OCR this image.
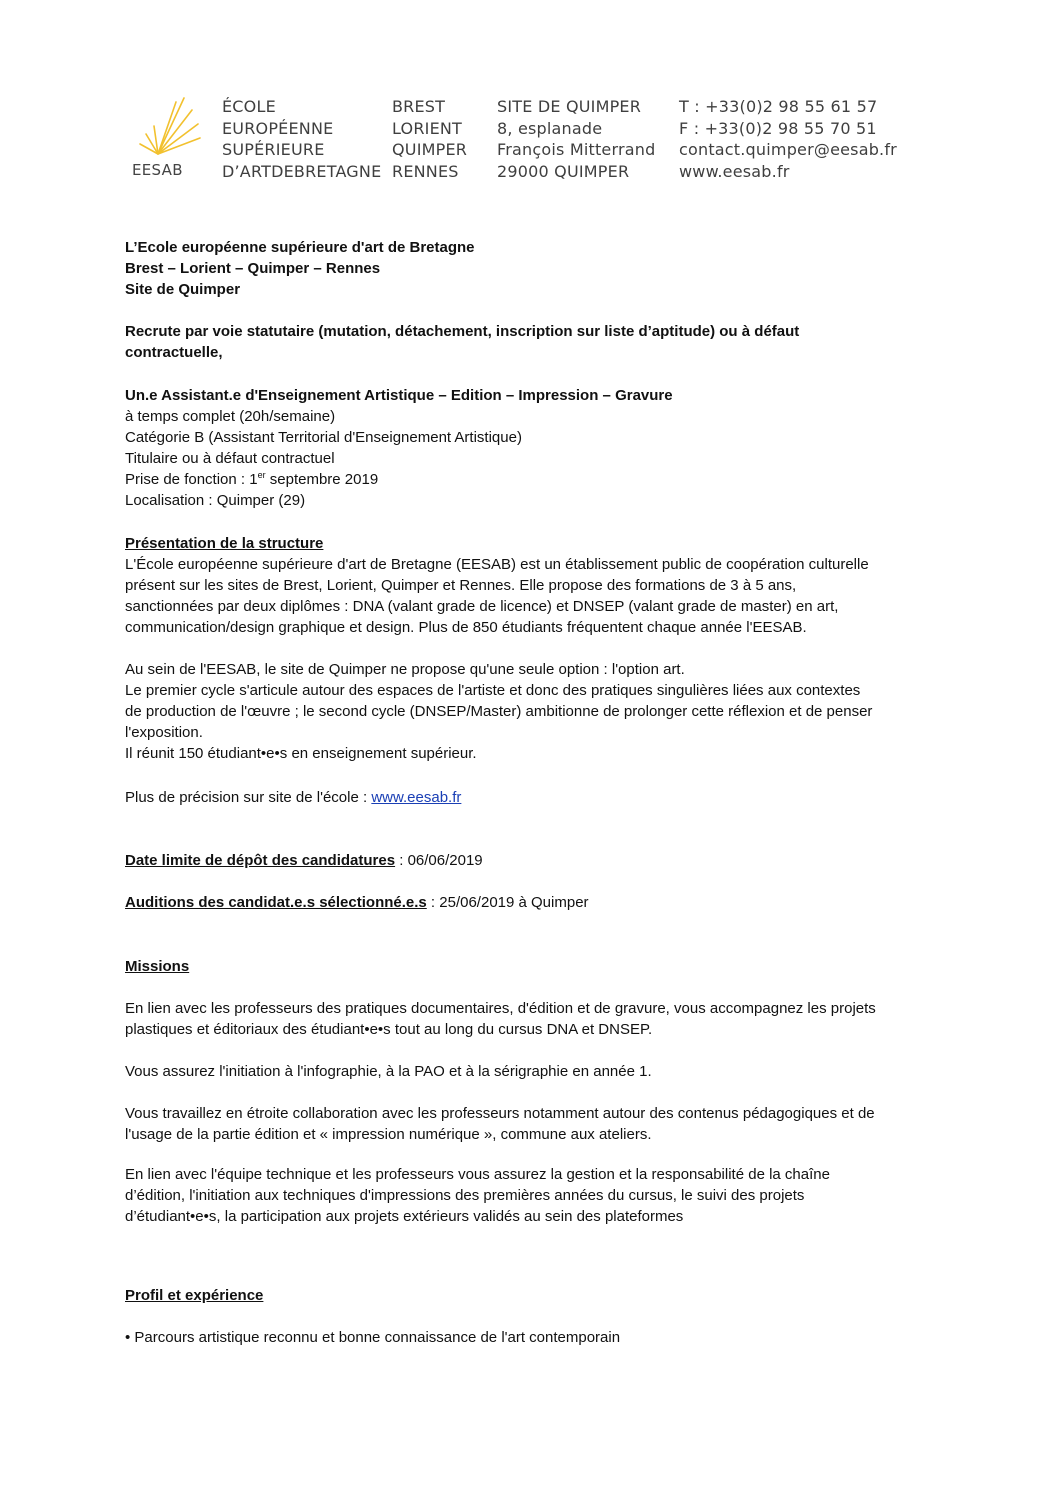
EESAB
ÉCOLE
EUROPÉENNE
SUPÉRIEURE
D’ARTDEBRETAGNE
BREST
LORIENT
QUIMPER
RENNES
SITE DE QUIMPER
8, esplanade
François Mitterrand
29000 QUIMPER
T : +33(0)2 98 55 61 57
F : +33(0)2 98 55 70 51
contact.quimper@eesab.fr
www.eesab.fr
L’Ecole européenne supérieure d'art de Bretagne
Brest – Lorient – Quimper – Rennes
Site de Quimper
Recrute par voie statutaire (mutation, détachement, inscription sur liste d’aptitude) ou à défaut
contractuelle,
Un.e Assistant.e d'Enseignement Artistique – Edition – Impression – Gravure
à temps complet (20h/semaine)
Catégorie B (Assistant Territorial d'Enseignement Artistique)
Titulaire ou à défaut contractuel
Prise de fonction : 1er septembre 2019
Localisation : Quimper (29)
Présentation de la structure
L'École européenne supérieure d'art de Bretagne (EESAB) est un établissement public de coopération culturelle
présent sur les sites de Brest, Lorient, Quimper et Rennes. Elle propose des formations de 3 à 5 ans,
sanctionnées par deux diplômes : DNA (valant grade de licence) et DNSEP (valant grade de master) en art,
communication/design graphique et design. Plus de 850 étudiants fréquentent chaque année l'EESAB.
Au sein de l'EESAB, le site de Quimper ne propose qu'une seule option : l'option art.
Le premier cycle s'articule autour des espaces de l'artiste et donc des pratiques singulières liées aux contextes
de production de l'œuvre ; le second cycle (DNSEP/Master) ambitionne de prolonger cette réflexion et de penser
l'exposition.
Il réunit 150 étudiant•e•s en enseignement supérieur.
Plus de précision sur site de l'école : www.eesab.fr
Date limite de dépôt des candidatures : 06/06/2019
Auditions des candidat.e.s sélectionné.e.s : 25/06/2019 à Quimper
Missions
En lien avec les professeurs des pratiques documentaires, d'édition et de gravure, vous accompagnez les projets
plastiques et éditoriaux des étudiant•e•s tout au long du cursus DNA et DNSEP.
Vous assurez l'initiation à l'infographie, à la PAO et à la sérigraphie en année 1.
Vous travaillez en étroite collaboration avec les professeurs notamment autour des contenus pédagogiques et de
l'usage de la partie édition et « impression numérique », commune aux ateliers.
En lien avec l'équipe technique et les professeurs vous assurez la gestion et la responsabilité de la chaîne
d’édition, l'initiation aux techniques d'impressions des premières années du cursus, le suivi des projets
d’étudiant•e•s, la participation aux projets extérieurs validés au sein des plateformes
Profil et expérience
• Parcours artistique reconnu et bonne connaissance de l'art contemporain
